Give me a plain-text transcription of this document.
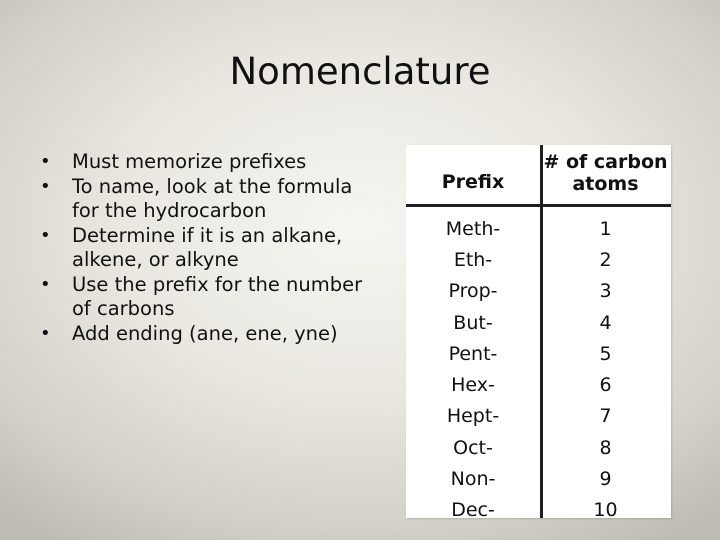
Nomenclature
• Must memorize prefixes
• To name, look at the formula for the hydrocarbon
• Determine if it is an alkane, alkene, or alkyne
• Use the prefix for the number of carbons
• Add ending (ane, ene, yne)
Prefix	# of carbon atoms
Meth-	1
Eth-	2
Prop-	3
But-	4
Pent-	5
Hex-	6
Hept-	7
Oct-	8
Non-	9
Dec-	10
